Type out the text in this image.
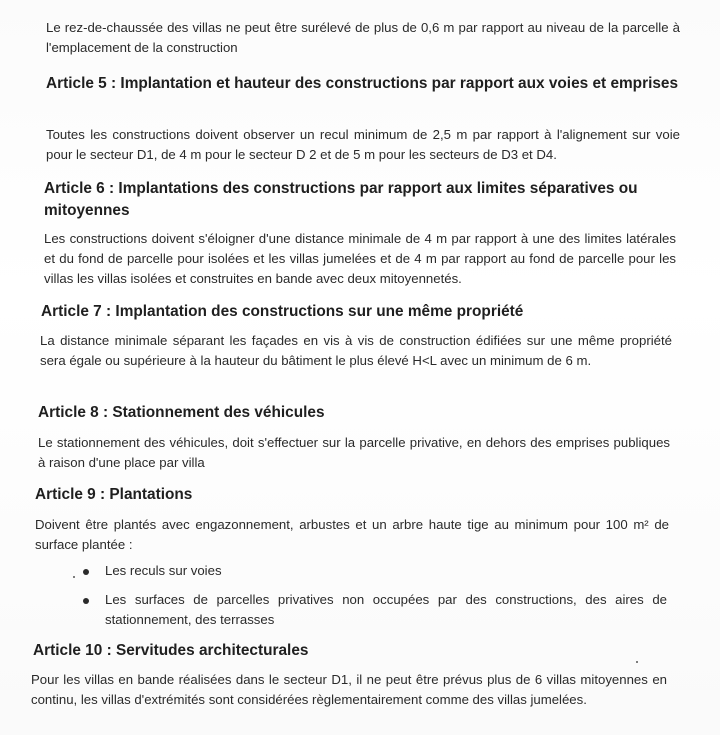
Le rez-de-chaussée des villas ne peut être surélevé de plus de 0,6 m par rapport au niveau de la parcelle à l'emplacement de la construction

Article 5 : Implantation et hauteur des constructions par rapport aux voies et emprises

Toutes les constructions doivent observer un recul minimum de 2,5 m par rapport à l'alignement sur voie pour le secteur D1, de 4 m pour le secteur D 2 et de 5 m pour les secteurs de D3 et D4.

Article 6 : Implantations des constructions par rapport aux limites séparatives ou mitoyennes

Les constructions doivent s'éloigner d'une distance minimale de 4 m par rapport à une des limites latérales et du fond de parcelle pour isolées et les villas jumelées et de 4 m par rapport au fond de parcelle pour les villas les villas isolées et construites en bande avec deux mitoyennetés.

Article 7 : Implantation des constructions sur une même propriété

La distance minimale séparant les façades en vis à vis de construction édifiées sur une même propriété sera égale ou supérieure à la hauteur du bâtiment le plus élevé H<L avec un minimum de 6 m.

Article 8 : Stationnement des véhicules

Le stationnement des véhicules, doit s'effectuer sur la parcelle privative, en dehors des emprises publiques à raison d'une place par villa

Article 9 : Plantations

Doivent être plantés avec engazonnement, arbustes et un arbre haute tige au minimum pour 100 m² de surface plantée :

Les reculs sur voies
Les surfaces de parcelles privatives non occupées par des constructions, des aires de stationnement, des terrasses
Article 10 : Servitudes architecturales

Pour les villas en bande réalisées dans le secteur D1, il ne peut être prévus plus de 6 villas mitoyennes en continu, les villas d'extrémités sont considérées règlementairement comme des villas jumelées.
